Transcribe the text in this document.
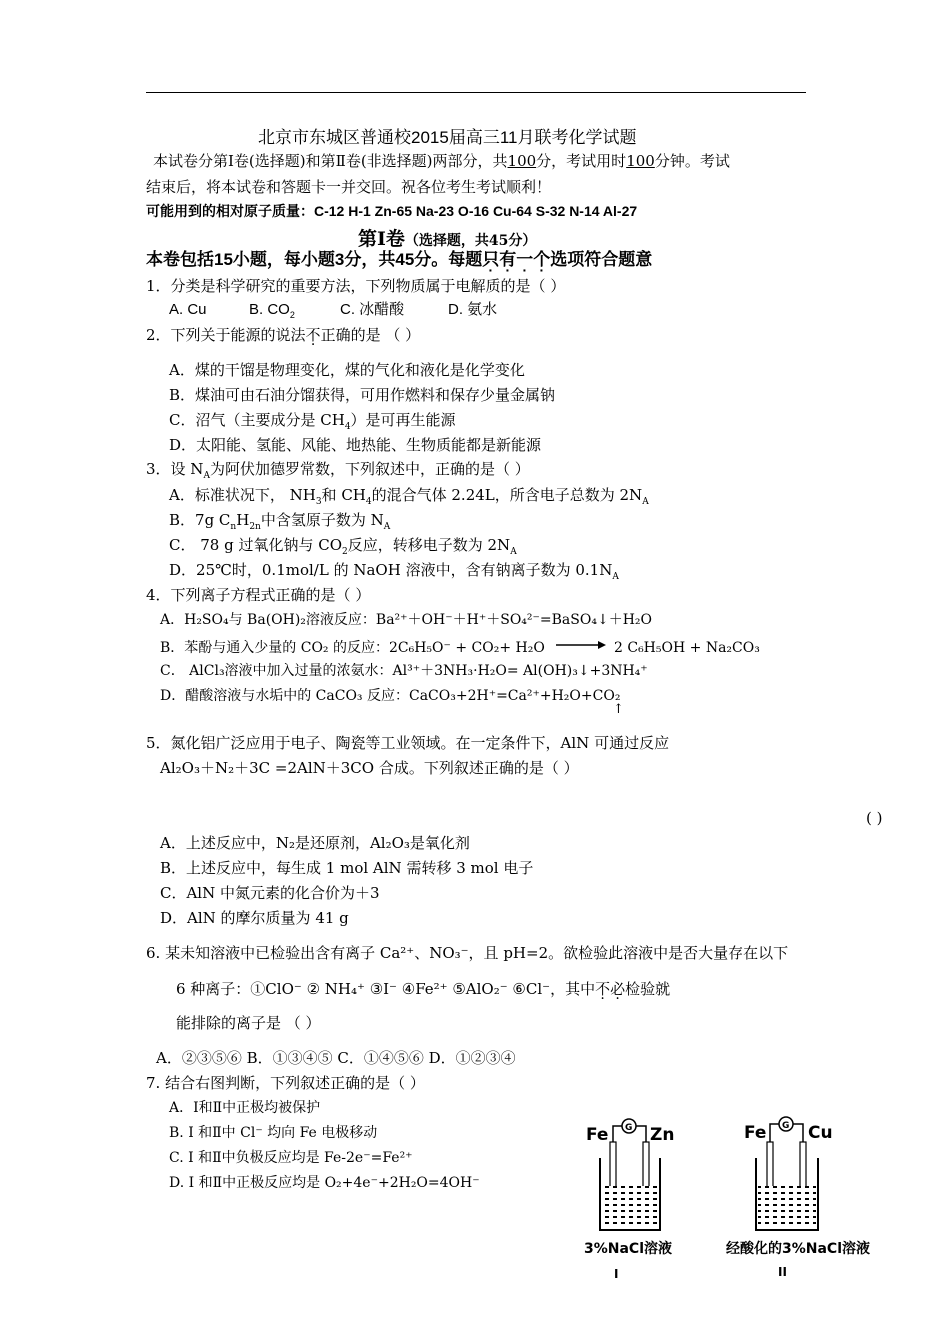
北京市东城区普通校2015届高三11月联考化学试题
本试卷分第Ⅰ卷(选择题)和第Ⅱ卷(非选择题)两部分，共100分，考试用时100分钟。考试
结束后，将本试卷和答题卡一并交回。祝各位考生考试顺利！
可能用到的相对原子质量：C-12 H-1 Zn-65 Na-23 O-16 Cu-64 S-32 N-14 Al-27
第Ⅰ卷（选择题，共45分）
本卷包括15小题，每小题3分，共45分。每题只有一个选项符合题意
1．分类是科学研究的重要方法，下列物质属于电解质的是（ ）
A. Cu	B. $CO_2$	C. 冰醋酸	D. 氨水
2．下列关于能源的说法不正确的是 （ ）
A．煤的干馏是物理变化，煤的气化和液化是化学变化
B．煤油可由石油分馏获得，可用作燃料和保存少量金属钠
C．沼气（主要成分是 $CH_4$）是可再生能源
D．太阳能、氢能、风能、地热能、生物质能都是新能源
3．设 $N_A$为阿伏加德罗常数，下列叙述中，正确的是（ ）
A．标准状况下， $NH_3$和 $CH_4$的混合气体 2.24L，所含电子总数为 $2N_A$
B．7g $C_nH_{2n}$中含氢原子数为 $N_A$
C． 78 g 过氧化钠与 $CO_2$反应，转移电子数为 $2N_A$
D．25℃时，0.1mol/L 的 NaOH 溶液中，含有钠离子数为 $0.1N_A$
4．下列离子方程式正确的是（ ）
A．H₂SO₄与 Ba(OH)₂溶液反应：Ba²⁺＋OH⁻＋H⁺＋SO₄²⁻=BaSO₄↓＋H₂O
B．苯酚与通入少量的 CO₂ 的反应：2C₆H₅O⁻ + CO₂+ H₂O → 2 C₆H₅OH + Na₂CO₃
C． AlCl₃溶液中加入过量的浓氨水：Al³⁺＋3NH₃·H₂O= Al(OH)₃↓+3NH₄⁺
D．醋酸溶液与水垢中的 CaCO₃ 反应：CaCO₃+2H⁺=Ca²⁺+H₂O+CO₂
↑
5．氮化铝广泛应用于电子、陶瓷等工业领域。在一定条件下，AlN 可通过反应
Al₂O₃＋N₂＋3C =2AlN＋3CO 合成。下列叙述正确的是（ ）
( )
A．上述反应中，N₂是还原剂，Al₂O₃是氧化剂
B．上述反应中，每生成 1 mol AlN 需转移 3 mol 电子
C．AlN 中氮元素的化合价为＋3
D．AlN 的摩尔质量为 41 g
6. 某未知溶液中已检验出含有离子 Ca²⁺、NO₃⁻，且 pH=2。欲检验此溶液中是否大量存在以下
6 种离子：①ClO⁻ ② NH₄⁺ ③I⁻ ④Fe²⁺ ⑤AlO₂⁻ ⑥Cl⁻，其中不必检验就
能排除的离子是 （ ）
A．②③⑤⑥ B．①③④⑤ C．①④⑤⑥ D．①②③④
7. 结合右图判断，下列叙述正确的是（ ）
A．Ⅰ和Ⅱ中正极均被保护
B. Ⅰ 和Ⅱ中 Cl⁻ 均向 Fe 电极移动
C. Ⅰ 和Ⅱ中负极反应均是 Fe-2e⁻=Fe²⁺
D. Ⅰ 和Ⅱ中正极反应均是 O₂+4e⁻+2H₂O=4OH⁻
Fe Zn
G
3%NaCl溶液
I
Fe Cu
G
经酸化的3%NaCl溶液
II
